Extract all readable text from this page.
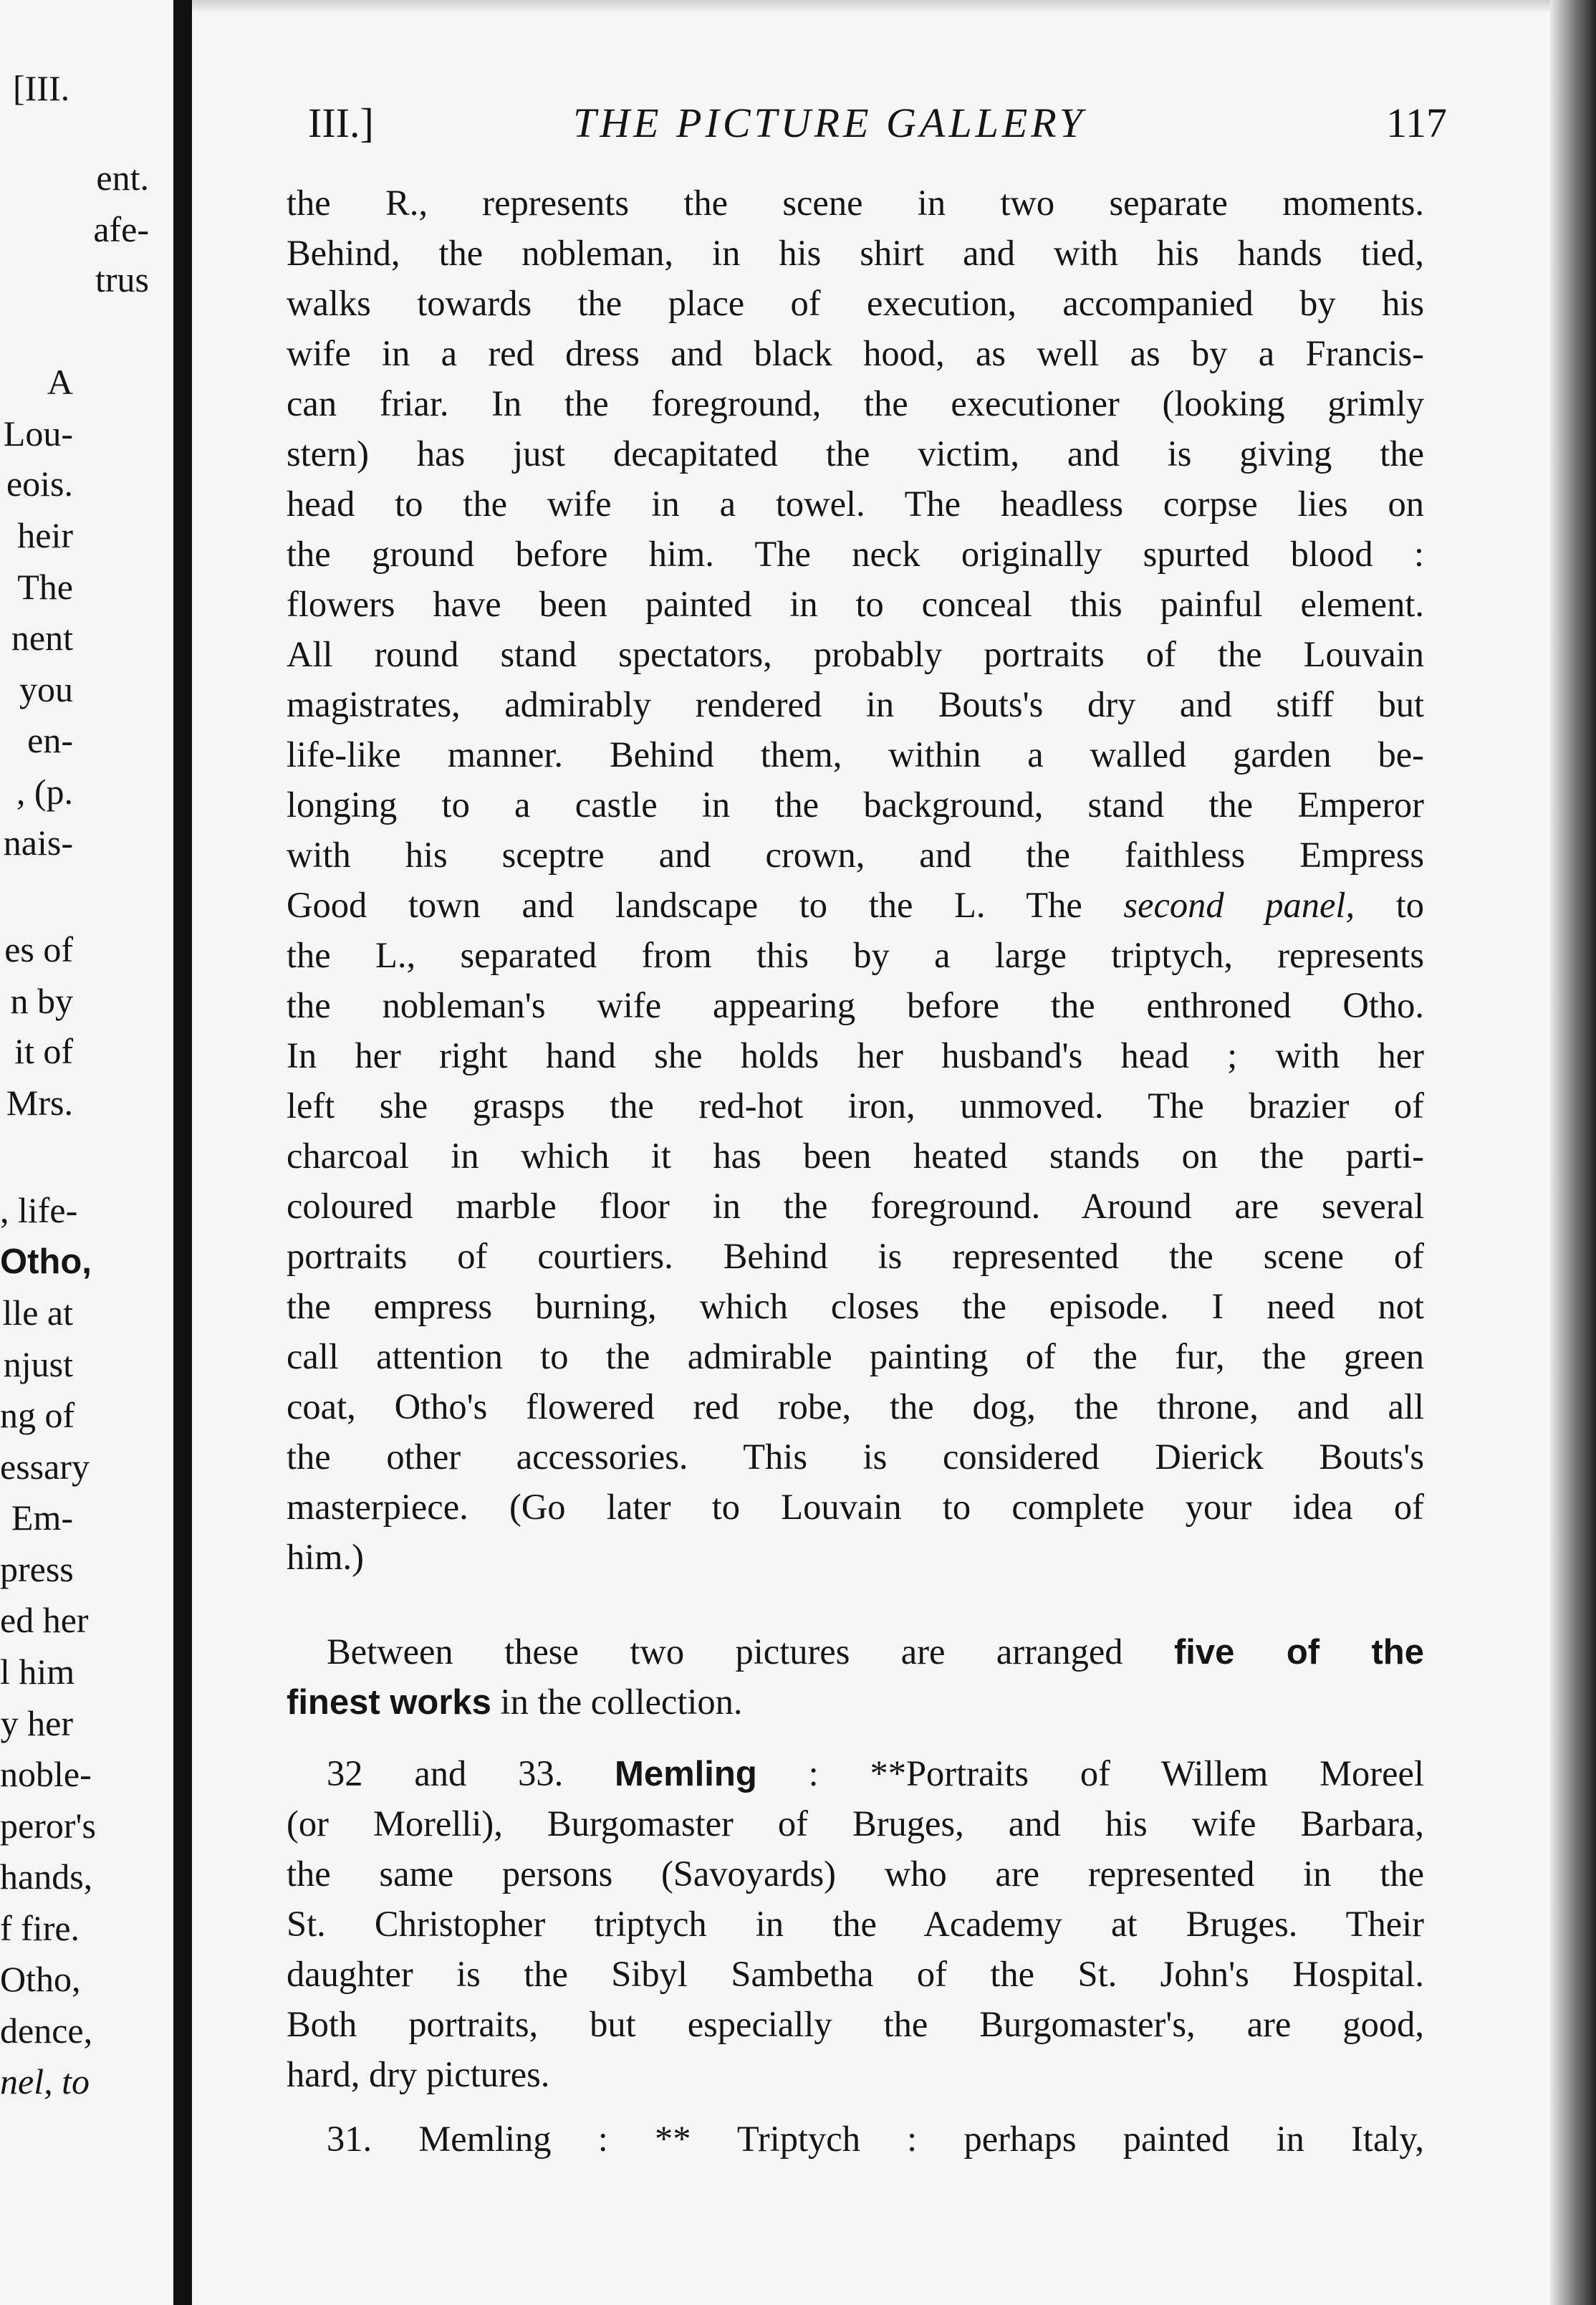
[III.
ent.
afe-
trus
A
Lou-
eois.
heir
The
nent
you
en-
, (p.
nais-
es of
n by
it of
Mrs.
, life-
Otho,
lle at
njust
ng of
essary
Em-
press
ed her
l him
y her
noble-
peror's
hands,
f fire.
Otho,
dence,
nel, to
III.]	THE PICTURE GALLERY	117
the R., represents the scene in two separate moments.
Behind, the nobleman, in his shirt and with his hands tied,
walks towards the place of execution, accompanied by his
wife in a red dress and black hood, as well as by a Francis-
can friar. In the foreground, the executioner (looking grimly
stern) has just decapitated the victim, and is giving the
head to the wife in a towel. The headless corpse lies on
the ground before him. The neck originally spurted blood :
flowers have been painted in to conceal this painful element.
All round stand spectators, probably portraits of the Louvain
magistrates, admirably rendered in Bouts's dry and stiff but
life-like manner. Behind them, within a walled garden be-
longing to a castle in the background, stand the Emperor
with his sceptre and crown, and the faithless Empress
Good town and landscape to the L. The second panel, to
the L., separated from this by a large triptych, represents
the nobleman's wife appearing before the enthroned Otho.
In her right hand she holds her husband's head ; with her
left she grasps the red-hot iron, unmoved. The brazier of
charcoal in which it has been heated stands on the parti-
coloured marble floor in the foreground. Around are several
portraits of courtiers. Behind is represented the scene of
the empress burning, which closes the episode. I need not
call attention to the admirable painting of the fur, the green
coat, Otho's flowered red robe, the dog, the throne, and all
the other accessories. This is considered Dierick Bouts's
masterpiece. (Go later to Louvain to complete your idea of
him.)
Between these two pictures are arranged five of the
finest works in the collection.
32 and 33. Memling : **Portraits of Willem Moreel
(or Morelli), Burgomaster of Bruges, and his wife Barbara,
the same persons (Savoyards) who are represented in the
St. Christopher triptych in the Academy at Bruges. Their
daughter is the Sibyl Sambetha of the St. John's Hospital.
Both portraits, but especially the Burgomaster's, are good,
hard, dry pictures.
31. Memling : ** Triptych : perhaps painted in Italy,
